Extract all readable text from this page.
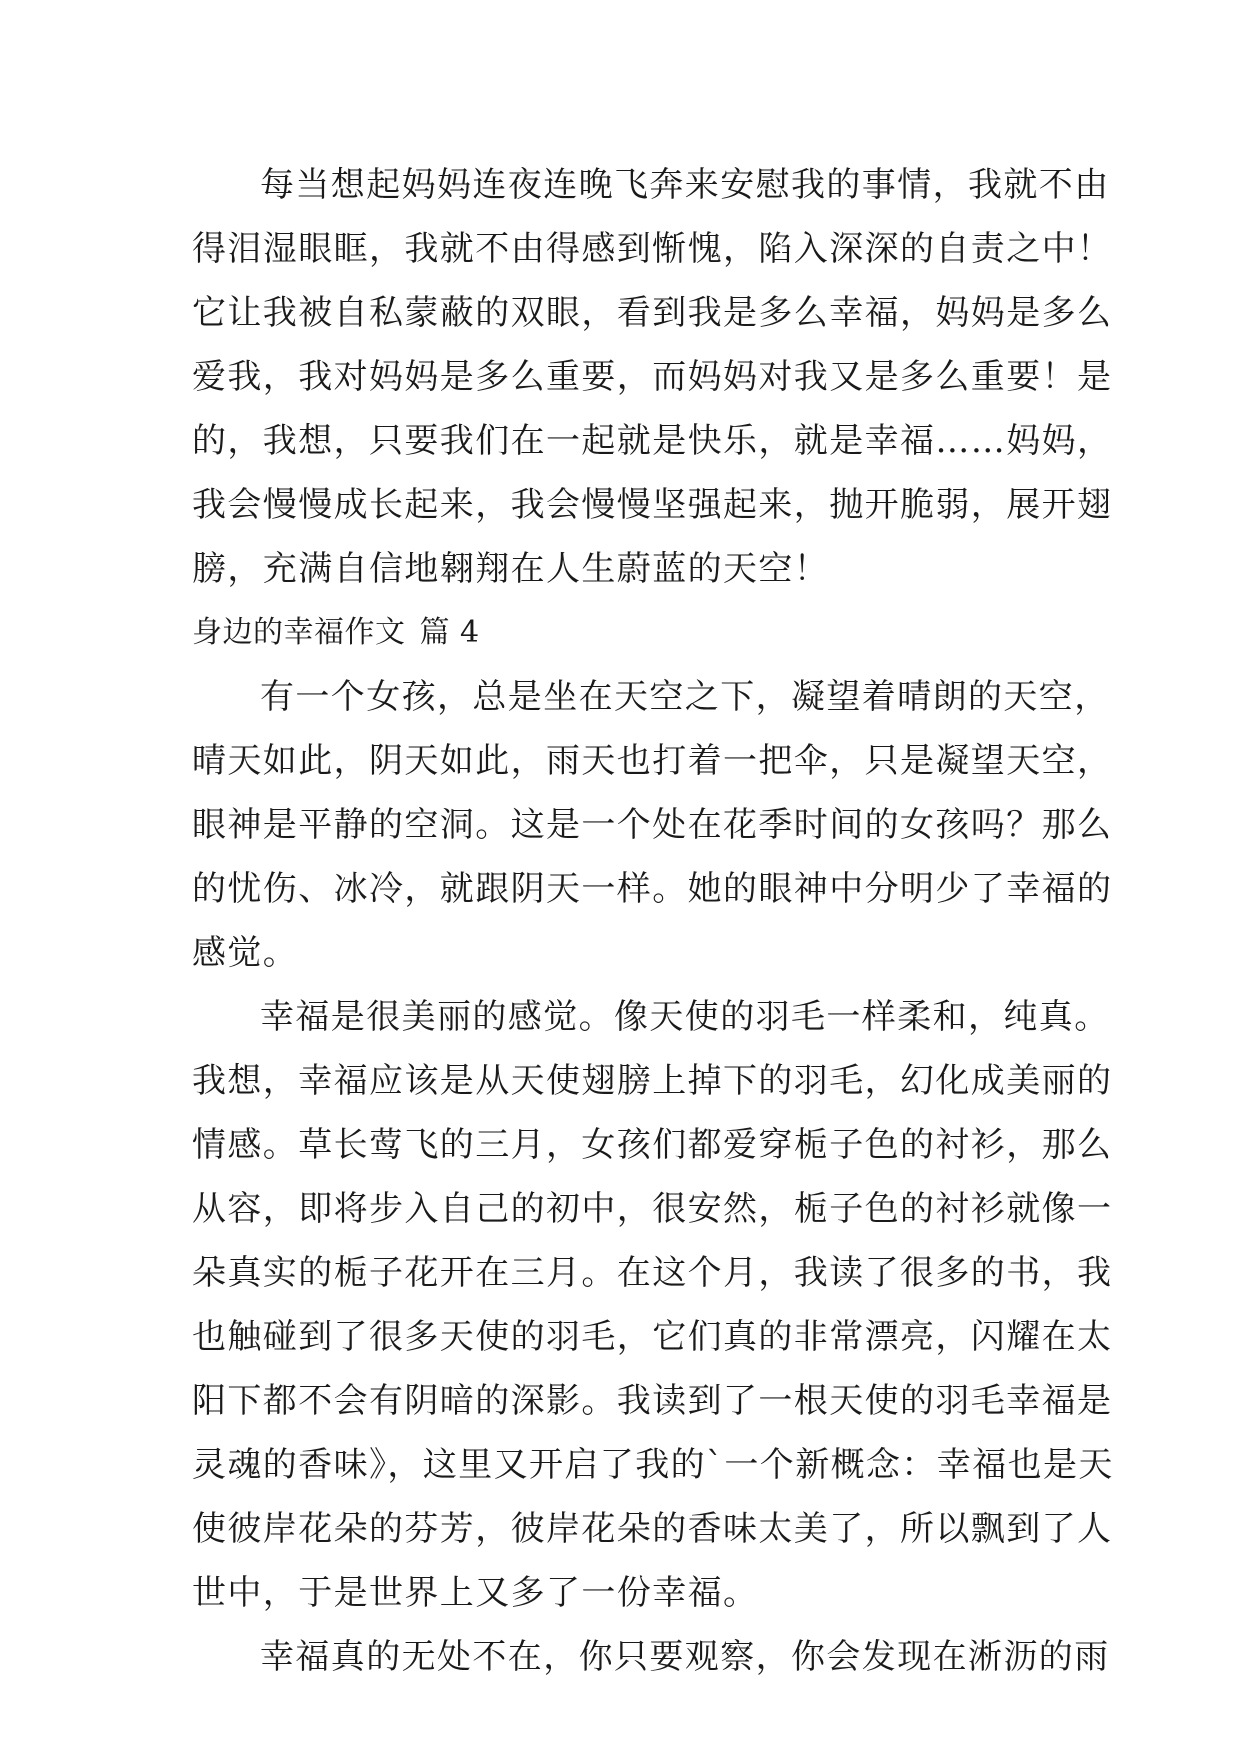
每当想起妈妈连夜连晚飞奔来安慰我的事情，我就不由
得泪湿眼眶，我就不由得感到惭愧，陷入深深的自责之中！
它让我被自私蒙蔽的双眼，看到我是多么幸福，妈妈是多么
爱我，我对妈妈是多么重要，而妈妈对我又是多么重要！是
的，我想，只要我们在一起就是快乐，就是幸福……妈妈，
我会慢慢成长起来，我会慢慢坚强起来，抛开脆弱，展开翅
膀，充满自信地翱翔在人生蔚蓝的天空！
身边的幸福作文 篇 4
有一个女孩，总是坐在天空之下，凝望着晴朗的天空，
晴天如此，阴天如此，雨天也打着一把伞，只是凝望天空，
眼神是平静的空洞。这是一个处在花季时间的女孩吗？那么
的忧伤、冰冷，就跟阴天一样。她的眼神中分明少了幸福的
感觉。
幸福是很美丽的感觉。像天使的羽毛一样柔和，纯真。
我想，幸福应该是从天使翅膀上掉下的羽毛，幻化成美丽的
情感。草长莺飞的三月，女孩们都爱穿栀子色的衬衫，那么
从容，即将步入自己的初中，很安然，栀子色的衬衫就像一
朵真实的栀子花开在三月。在这个月，我读了很多的书，我
也触碰到了很多天使的羽毛，它们真的非常漂亮，闪耀在太
阳下都不会有阴暗的深影。我读到了一根天使的羽毛幸福是
灵魂的香味》，这里又开启了我的`一个新概念：幸福也是天
使彼岸花朵的芬芳，彼岸花朵的香味太美了，所以飘到了人
世中，于是世界上又多了一份幸福。
幸福真的无处不在，你只要观察，你会发现在淅沥的雨
